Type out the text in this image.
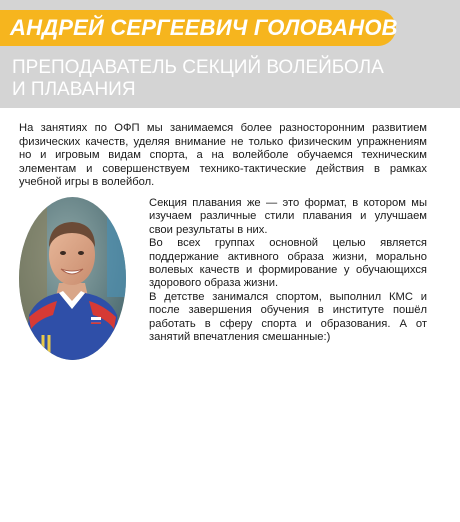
АНДРЕЙ СЕРГЕЕВИЧ ГОЛОВАНОВ
ПРЕПОДАВАТЕЛЬ СЕКЦИЙ ВОЛЕЙБОЛА
И ПЛАВАНИЯ

На занятиях по ОФП мы занимаемся более разносторонним развитием физических качеств, уделяя внимание не только физическим упражнениям но и игровым видам спорта, а на волейболе обучаемся техническим элементам и совершенствуем технико-тактические действия в рамках учебной игры в волейбол.

Секция плавания же — это формат, в котором мы изучаем различные стили плавания и улучшаем свои результаты в них.

Во всех группах основной целью является поддержание активного образа жизни, морально волевых качеств и формирование у обучающихся здорового образа жизни.

В детстве занимался спортом, выполнил КМС и после завершения обучения в институте пошёл работать в сферу спорта и образования. А от занятий впечатления смешанные:)
